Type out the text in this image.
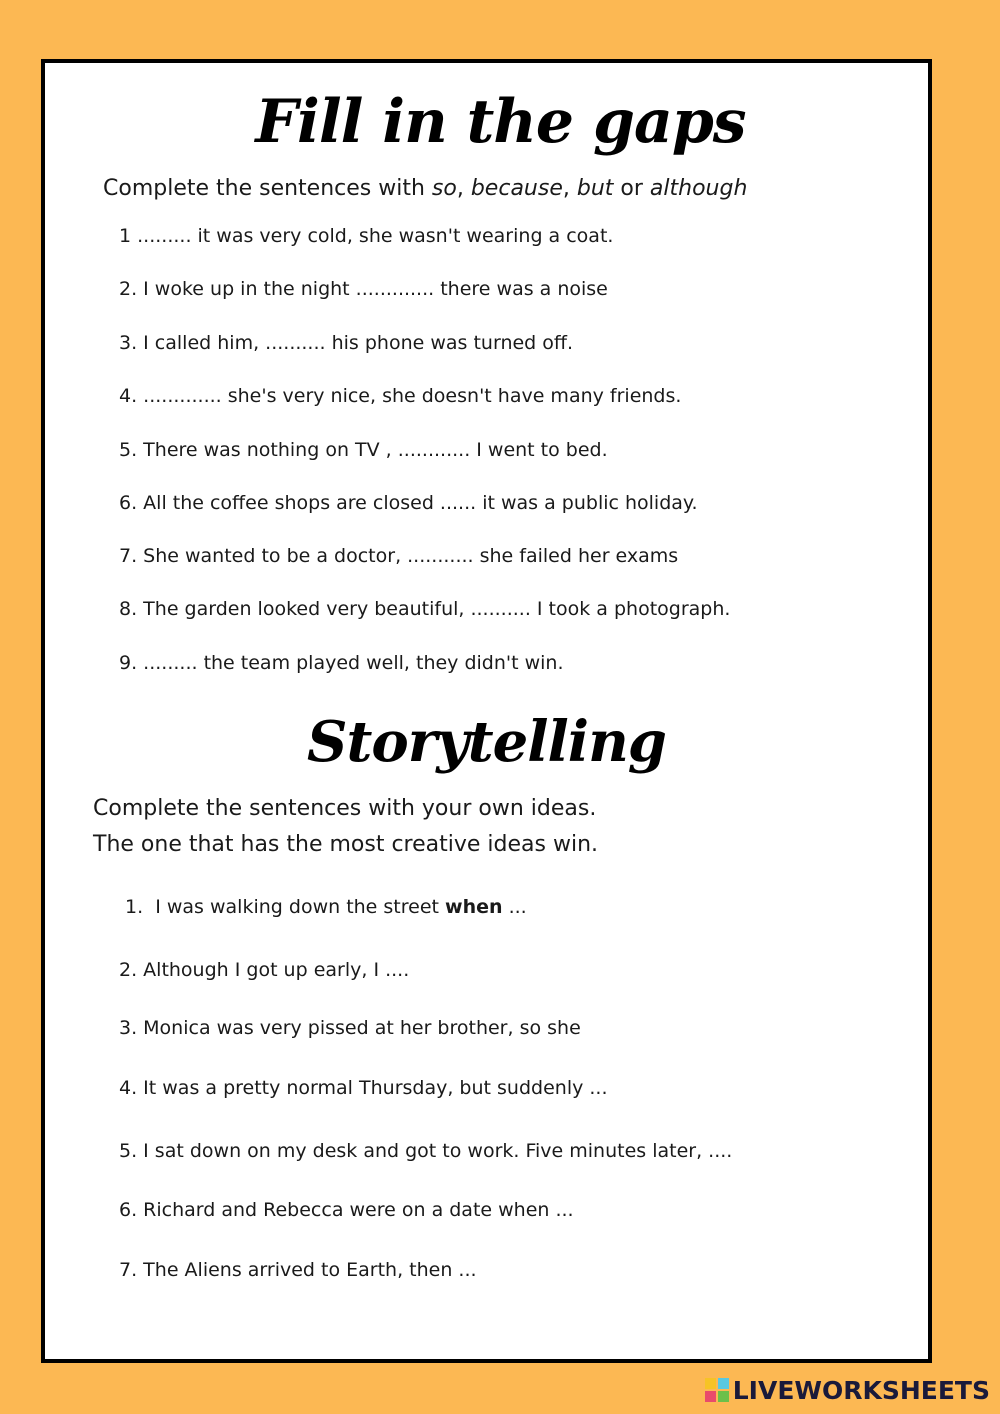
Fill in the gaps
Complete the sentences with so, because, but or although
1 ......... it was very cold, she wasn't wearing a coat.
2. I woke up in the night ............. there was a noise
3. I called him, .......... his phone was turned off.
4. ............. she's very nice, she doesn't have many friends.
5. There was nothing on TV , ............ I went to bed.
6. All the coffee shops are closed ...... it was a public holiday.
7. She wanted to be a doctor, ........... she failed her exams
8. The garden looked very beautiful, .......... I took a photograph.
9. ......... the team played well, they didn't win.
Storytelling
Complete the sentences with your own ideas.
The one that has the most creative ideas win.
1. I was walking down the street when ...
2. Although I got up early, I ....
3. Monica was very pissed at her brother, so she
4. It was a pretty normal Thursday, but suddenly ...
5. I sat down on my desk and got to work. Five minutes later, ....
6. Richard and Rebecca were on a date when ...
7. The Aliens arrived to Earth, then ...
LIVEWORKSHEETS
